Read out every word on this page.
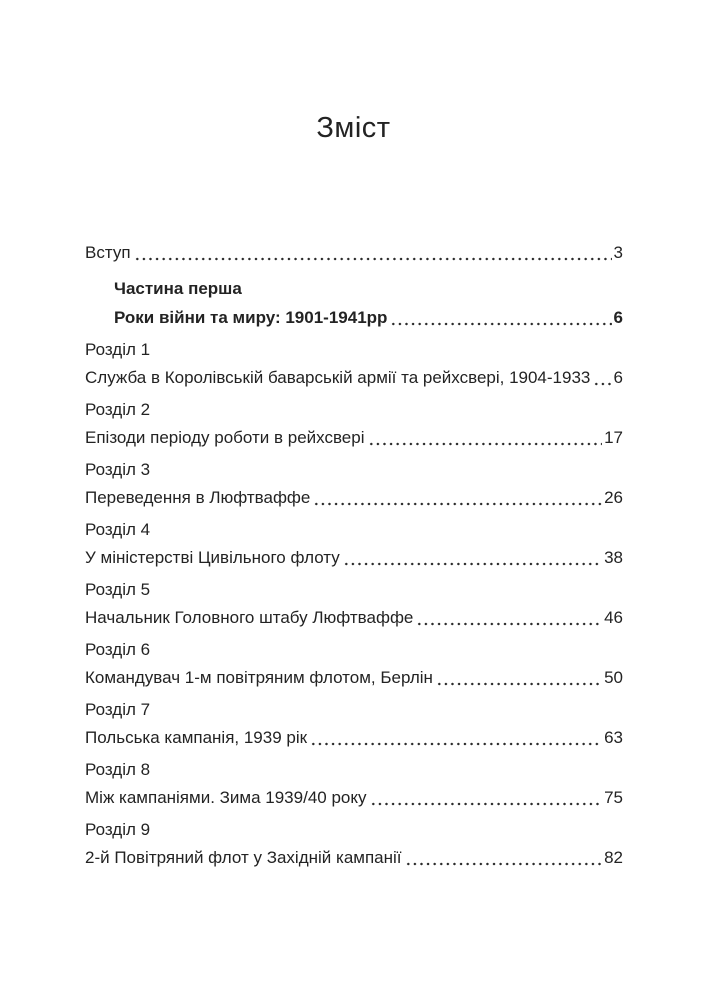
Зміст
Вступ	3
Частина перша
Роки війни та миру: 1901-1941рр	6
Розділ 1
Служба в Королівській баварській армії та рейхсвері, 1904-1933 6
Розділ 2
Епізоди періоду роботи в рейхсвері	17
Розділ 3
Переведення в Люфтваффе	26
Розділ 4
У міністерстві Цивільного флоту	38
Розділ 5
Начальник Головного штабу Люфтваффе	46
Розділ 6
Командувач 1-м повітряним флотом, Берлін	50
Розділ 7
Польська кампанія, 1939 рік	63
Розділ 8
Між кампаніями. Зима 1939/40 року	75
Розділ 9
2-й Повітряний флот у Західній кампанії	82
